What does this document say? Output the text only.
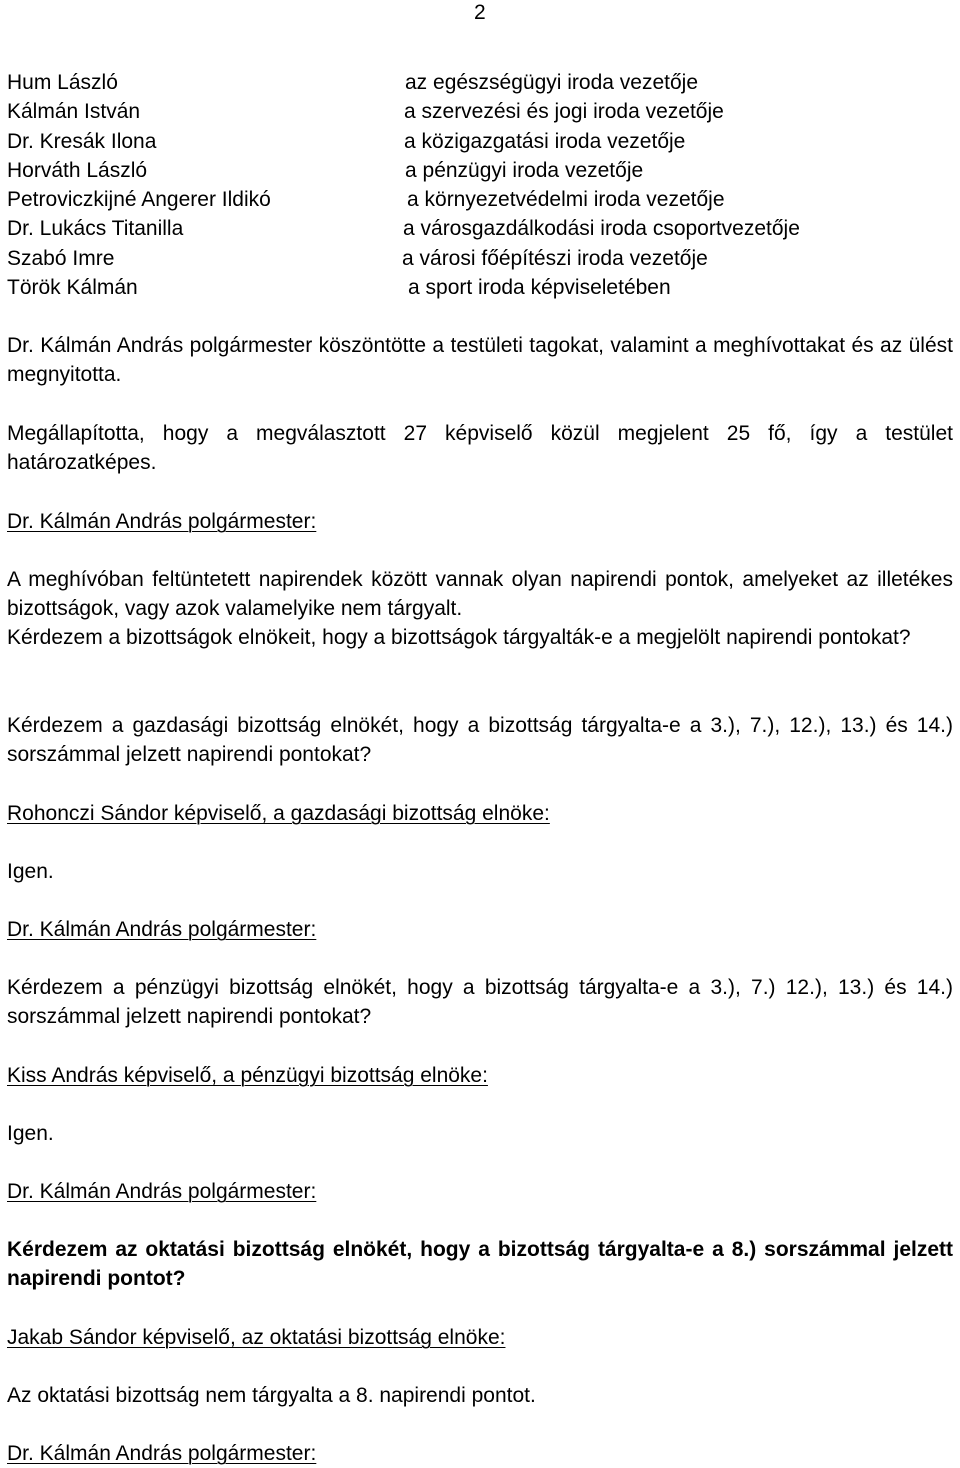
2
Hum László	az egészségügyi iroda vezetője
Kálmán István	a szervezési és jogi iroda vezetője
Dr. Kresák Ilona	a közigazgatási iroda vezetője
Horváth László	a pénzügyi iroda vezetője
Petroviczkijné Angerer Ildikó	a környezetvédelmi iroda vezetője
Dr. Lukács Titanilla	a városgazdálkodási iroda csoportvezetője
Szabó Imre	a városi főépítészi iroda vezetője
Török Kálmán	a sport iroda képviseletében

Dr. Kálmán András polgármester köszöntötte a testületi tagokat, valamint a meghívottakat és az ülést megnyitotta.

Megállapította, hogy a megválasztott 27 képviselő közül megjelent 25 fő, így a testület határozatképes.

Dr. Kálmán András polgármester:

A meghívóban feltüntetett napirendek között vannak olyan napirendi pontok, amelyeket az illetékes bizottságok, vagy azok valamelyike nem tárgyalt.

Kérdezem a bizottságok elnökeit, hogy a bizottságok tárgyalták-e a megjelölt napirendi pontokat?

Kérdezem a gazdasági bizottság elnökét, hogy a bizottság tárgyalta-e a 3.), 7.), 12.), 13.) és 14.) sorszámmal jelzett napirendi pontokat?

Rohonczi Sándor képviselő, a gazdasági bizottság elnöke:

Igen.

Dr. Kálmán András polgármester:

Kérdezem a pénzügyi bizottság elnökét, hogy a bizottság tárgyalta-e a 3.), 7.) 12.), 13.) és 14.) sorszámmal jelzett napirendi pontokat?

Kiss András képviselő, a pénzügyi bizottság elnöke:

Igen.

Dr. Kálmán András polgármester:

Kérdezem az oktatási bizottság elnökét, hogy a bizottság tárgyalta-e a 8.) sorszámmal jelzett napirendi pontot?

Jakab Sándor képviselő, az oktatási bizottság elnöke:

Az oktatási bizottság nem tárgyalta a 8. napirendi pontot.

Dr. Kálmán András polgármester:
